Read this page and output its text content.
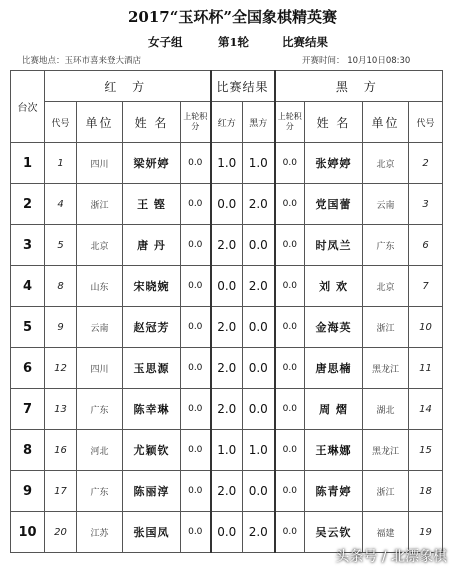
2017“玉环杯”全国象棋精英赛
女子组	第1轮	比赛结果
比赛地点：玉环市喜来登大酒店	开赛时间： 10月10日08:30
台次	红 方				比赛结果		黑 方			
	代号	单位	姓 名	上轮积分	红方	黑方	上轮积分	姓 名	单位	代号
1	1	四川	梁妍婷	0.0	1.0	1.0	0.0	张婷婷	北京	2
2	4	浙江	王 铿	0.0	0.0	2.0	0.0	党国蕾	云南	3
3	5	北京	唐 丹	0.0	2.0	0.0	0.0	时凤兰	广东	6
4	8	山东	宋晓婉	0.0	0.0	2.0	0.0	刘 欢	北京	7
5	9	云南	赵冠芳	0.0	2.0	0.0	0.0	金海英	浙江	10
6	12	四川	玉思源	0.0	2.0	0.0	0.0	唐思楠	黑龙江	11
7	13	广东	陈幸琳	0.0	2.0	0.0	0.0	周 熠	湖北	14
8	16	河北	尤颖钦	0.0	1.0	1.0	0.0	王琳娜	黑龙江	15
9	17	广东	陈丽淳	0.0	2.0	0.0	0.0	陈青婷	浙江	18
10	20	江苏	张国凤	0.0	0.0	2.0	0.0	吴云钦	福建	19
头条号 / 北漂象棋
